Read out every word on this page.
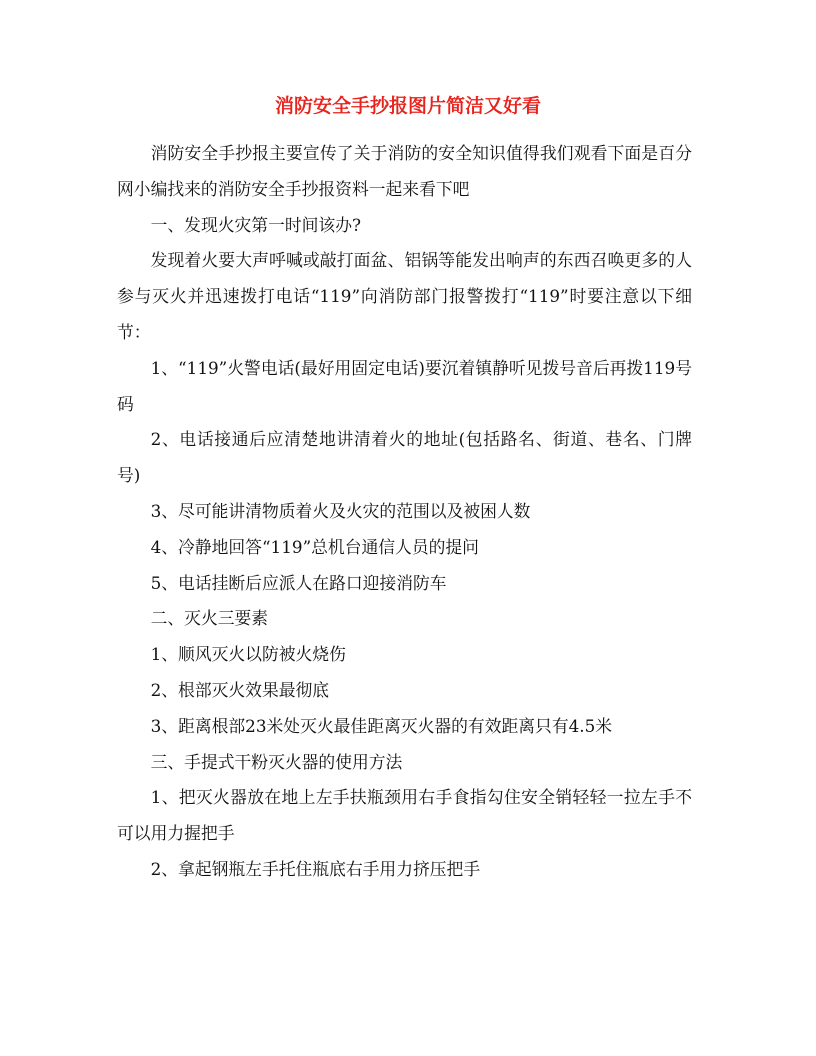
消防安全手抄报图片简洁又好看

消防安全手抄报主要宣传了关于消防的安全知识值得我们观看下面是百分网小编找来的消防安全手抄报资料一起来看下吧

一、发现火灾第一时间该办?

发现着火要大声呼喊或敲打面盆、铝锅等能发出响声的东西召唤更多的人参与灭火并迅速拨打电话“119”向消防部门报警拨打“119”时要注意以下细节：

1、“119”火警电话(最好用固定电话)要沉着镇静听见拨号音后再拨119号码

2、电话接通后应清楚地讲清着火的地址(包括路名、街道、巷名、门牌号)

3、尽可能讲清物质着火及火灾的范围以及被困人数

4、冷静地回答“119”总机台通信人员的提问

5、电话挂断后应派人在路口迎接消防车

二、灭火三要素

1、顺风灭火以防被火烧伤

2、根部灭火效果最彻底

3、距离根部23米处灭火最佳距离灭火器的有效距离只有4.5米

三、手提式干粉灭火器的使用方法

1、把灭火器放在地上左手扶瓶颈用右手食指勾住安全销轻轻一拉左手不可以用力握把手

2、拿起钢瓶左手托住瓶底右手用力挤压把手
